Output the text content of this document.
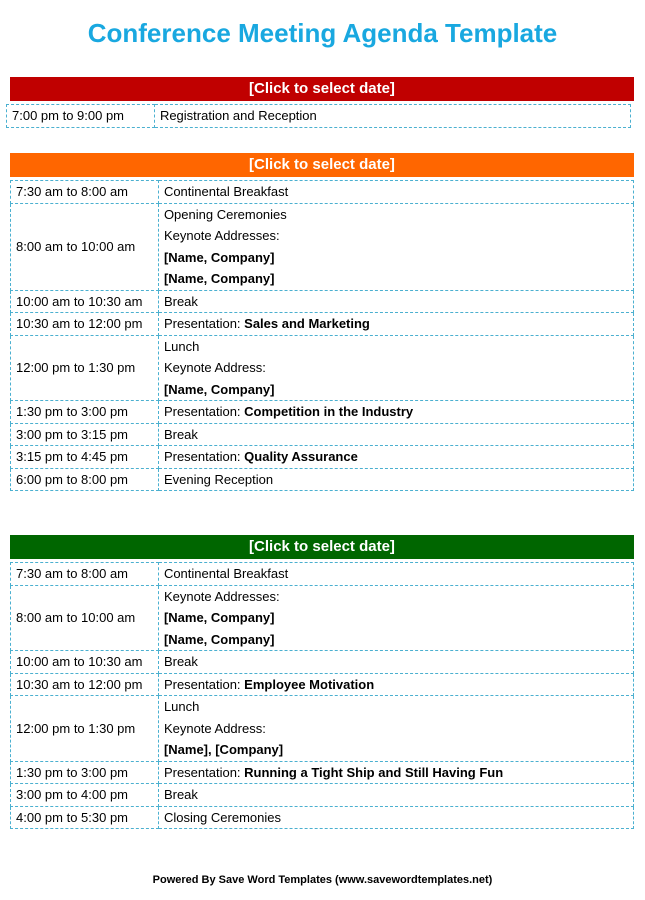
Conference Meeting Agenda Template
[Click to select date]
7:00 pm to 9:00 pm	Registration and Reception
[Click to select date]
7:30 am to 8:00 am	Continental Breakfast

8:00 am to 10:00 am	Opening Ceremonies
Keynote Addresses:
[Name, Company]
[Name, Company]

10:00 am to 10:30 am	Break

10:30 am to 12:00 pm	Presentation: Sales and Marketing

12:00 pm to 1:30 pm	Lunch
Keynote Address:
[Name, Company]

1:30 pm to 3:00 pm	Presentation: Competition in the Industry

3:00 pm to 3:15 pm	Break

3:15 pm to 4:45 pm	Presentation: Quality Assurance

6:00 pm to 8:00 pm	Evening Reception
[Click to select date]
7:30 am to 8:00 am	Continental Breakfast

8:00 am to 10:00 am	Keynote Addresses:
[Name, Company]
[Name, Company]

10:00 am to 10:30 am	Break

10:30 am to 12:00 pm	Presentation: Employee Motivation

12:00 pm to 1:30 pm	Lunch
Keynote Address:
[Name], [Company]

1:30 pm to 3:00 pm	Presentation: Running a Tight Ship and Still Having Fun

3:00 pm to 4:00 pm	Break

4:00 pm to 5:30 pm	Closing Ceremonies
Powered By Save Word Templates (www.savewordtemplates.net)
